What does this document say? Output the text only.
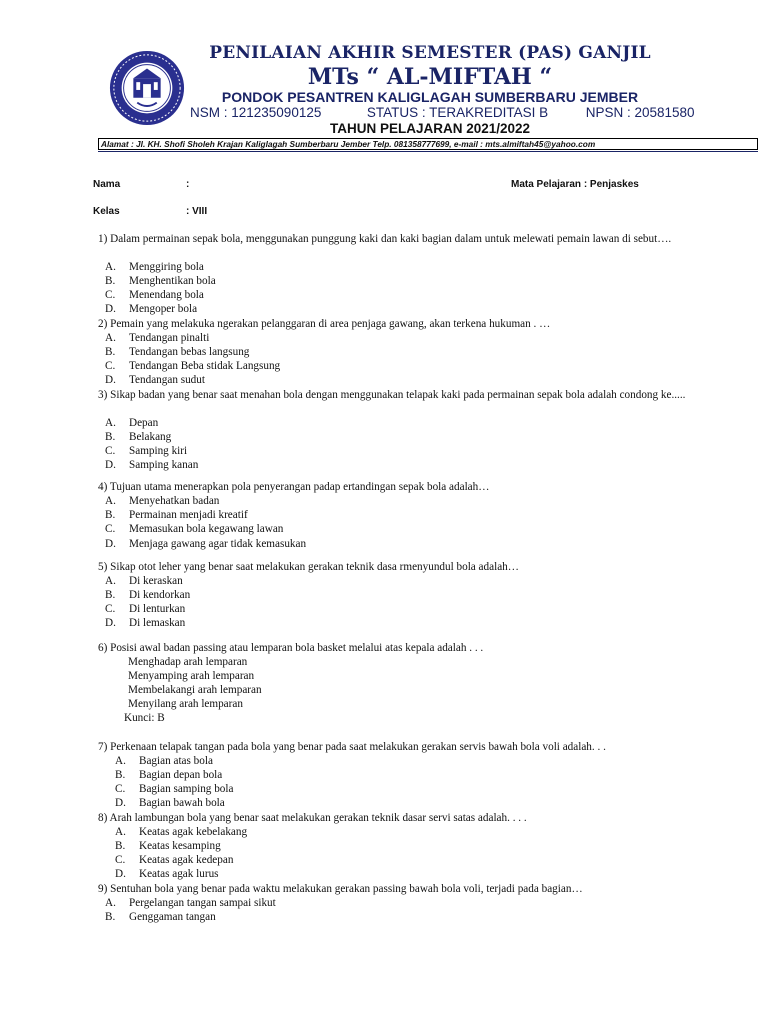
PENILAIAN AKHIR SEMESTER (PAS) GANJIL
MTs “ AL-MIFTAH “
PONDOK PESANTREN KALIGLAGAH SUMBERBARU JEMBER
NSM : 121235090125	STATUS : TERAKREDITASI B	NPSN : 20581580
TAHUN PELAJARAN 2021/2022
Alamat : Jl. KH. Shofi Sholeh Krajan Kaliglagah Sumberbaru Jember Telp. 081358777699, e-mail : mts.almiftah45@yahoo.com
Nama	:	Mata Pelajaran : Penjaskes
Kelas	: VIII
1) Dalam permainan sepak bola, menggunakan punggung kaki dan kaki bagian dalam untuk melewati pemain lawan di sebut….
A. Menggiring bola
B. Menghentikan bola
C. Menendang bola
D. Mengoper bola
2) Pemain yang melakuka ngerakan pelanggaran di area penjaga gawang, akan terkena hukuman . …
A. Tendangan pinalti
B. Tendangan bebas langsung
C. Tendangan Beba stidak Langsung
D. Tendangan sudut
3) Sikap badan yang benar saat menahan bola dengan menggunakan telapak kaki pada permainan sepak bola adalah condong ke.....
A. Depan
B. Belakang
C. Samping kiri
D. Samping kanan
4) Tujuan utama menerapkan pola penyerangan padap ertandingan sepak bola adalah…
A. Menyehatkan badan
B. Permainan menjadi kreatif
C. Memasukan bola kegawang lawan
D. Menjaga gawang agar tidak kemasukan
5) Sikap otot leher yang benar saat melakukan gerakan teknik dasa rmenyundul bola adalah…
A. Di keraskan
B. Di kendorkan
C. Di lenturkan
D. Di lemaskan
6) Posisi awal badan passing atau lemparan bola basket melalui atas kepala adalah . . .
Menghadap arah lemparan
Menyamping arah lemparan
Membelakangi arah lemparan
Menyilang arah lemparan
Kunci: B
7) Perkenaan telapak tangan pada bola yang benar pada saat melakukan gerakan servis bawah bola voli adalah. . .
A. Bagian atas bola
B. Bagian depan bola
C. Bagian samping bola
D. Bagian bawah bola
8) Arah lambungan bola yang benar saat melakukan gerakan teknik dasar servi satas adalah. . . .
A. Keatas agak kebelakang
B. Keatas kesamping
C. Keatas agak kedepan
D. Keatas agak lurus
9) Sentuhan bola yang benar pada waktu melakukan gerakan passing bawah bola voli, terjadi pada bagian…
A. Pergelangan tangan sampai sikut
B. Genggaman tangan
